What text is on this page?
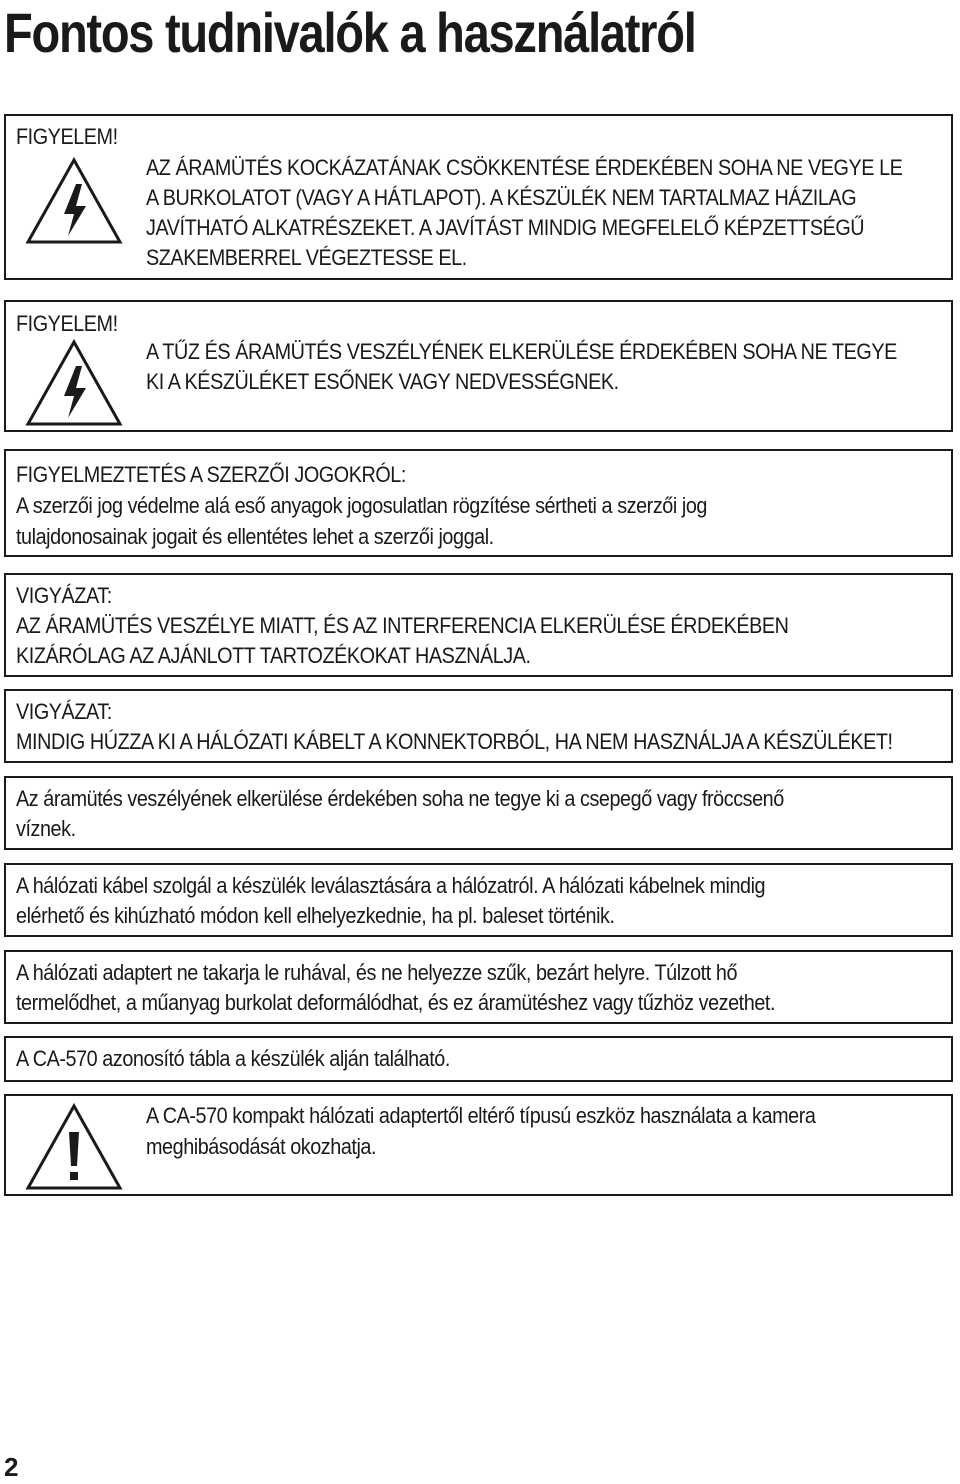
Fontos tudnivalók a használatról
FIGYELEM!
AZ ÁRAMÜTÉS KOCKÁZATÁNAK CSÖKKENTÉSE ÉRDEKÉBEN SOHA NE VEGYE LE
A BURKOLATOT (VAGY A HÁTLAPOT). A KÉSZÜLÉK NEM TARTALMAZ HÁZILAG
JAVÍTHATÓ ALKATRÉSZEKET. A JAVÍTÁST MINDIG MEGFELELŐ KÉPZETTSÉGŰ
SZAKEMBERREL VÉGEZTESSE EL.
FIGYELEM!
A TŰZ ÉS ÁRAMÜTÉS VESZÉLYÉNEK ELKERÜLÉSE ÉRDEKÉBEN SOHA NE TEGYE
KI A KÉSZÜLÉKET ESŐNEK VAGY NEDVESSÉGNEK.
FIGYELMEZTETÉS A SZERZŐI JOGOKRÓL:
A szerzői jog védelme alá eső anyagok jogosulatlan rögzítése sértheti a szerzői jog
tulajdonosainak jogait és ellentétes lehet a szerzői joggal.
VIGYÁZAT:
AZ ÁRAMÜTÉS VESZÉLYE MIATT, ÉS AZ INTERFERENCIA ELKERÜLÉSE ÉRDEKÉBEN
KIZÁRÓLAG AZ AJÁNLOTT TARTOZÉKOKAT HASZNÁLJA.
VIGYÁZAT:
MINDIG HÚZZA KI A HÁLÓZATI KÁBELT A KONNEKTORBÓL, HA NEM HASZNÁLJA A KÉSZÜLÉKET!
Az áramütés veszélyének elkerülése érdekében soha ne tegye ki a csepegő vagy fröccsenő
víznek.
A hálózati kábel szolgál a készülék leválasztására a hálózatról. A hálózati kábelnek mindig
elérhető és kihúzható módon kell elhelyezkednie, ha pl. baleset történik.
A hálózati adaptert ne takarja le ruhával, és ne helyezze szűk, bezárt helyre. Túlzott hő
termelődhet, a műanyag burkolat deformálódhat, és ez áramütéshez vagy tűzhöz vezethet.
A CA-570 azonosító tábla a készülék alján található.
A CA-570 kompakt hálózati adaptertől eltérő típusú eszköz használata a kamera
meghibásodását okozhatja.
2
